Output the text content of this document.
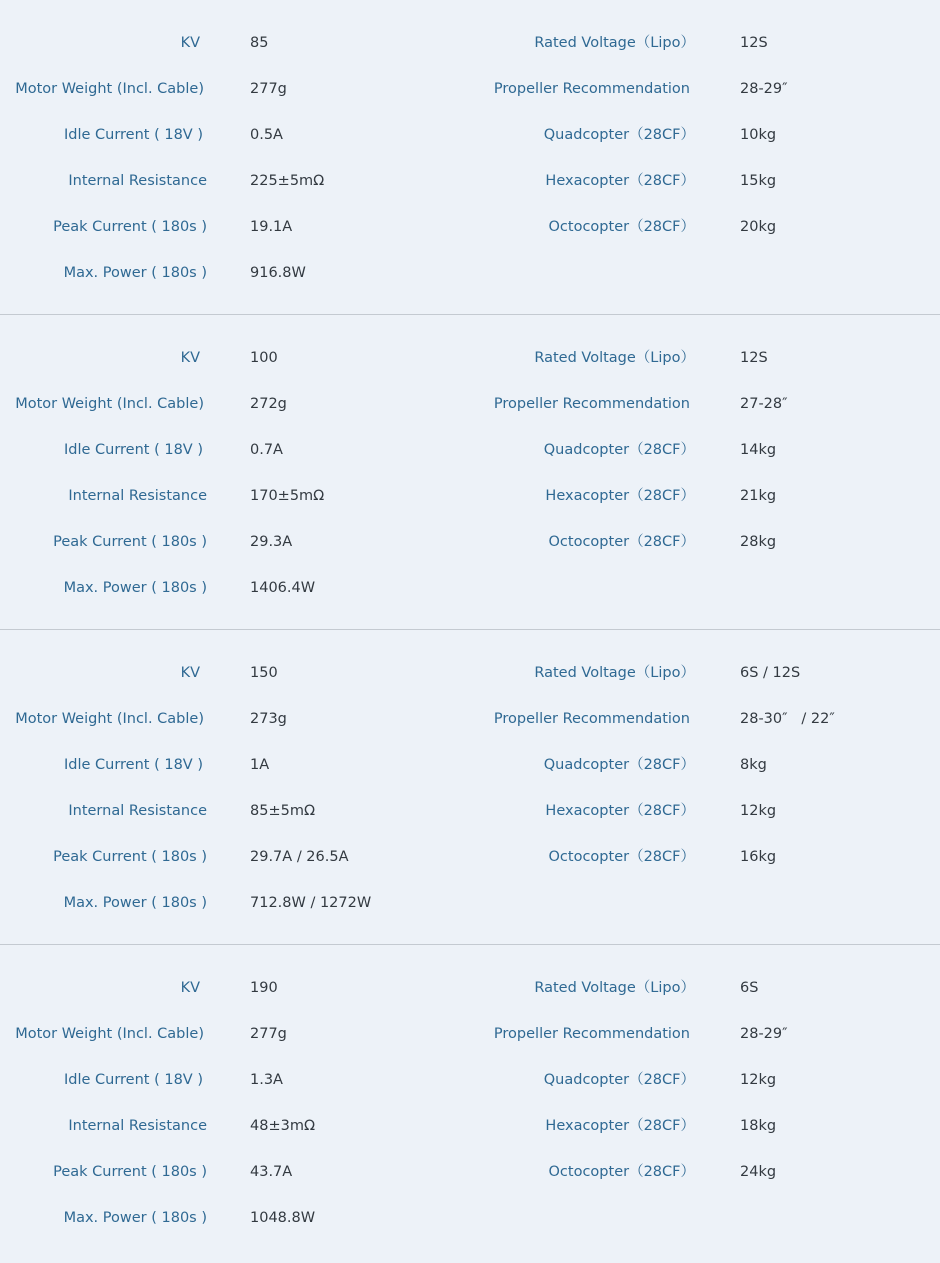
KV	85	Rated Voltage（Lipo）	12S
Motor Weight (Incl. Cable)	277g	Propeller Recommendation	28-29″
Idle Current ( 18V )	0.5A	Quadcopter（28CF）	10kg
Internal Resistance	225±5mΩ	Hexacopter（28CF）	15kg
Peak Current ( 180s )	19.1A	Octocopter（28CF）	20kg
Max. Power ( 180s )	916.8W
KV	100	Rated Voltage（Lipo）	12S
Motor Weight (Incl. Cable)	272g	Propeller Recommendation	27-28″
Idle Current ( 18V )	0.7A	Quadcopter（28CF）	14kg
Internal Resistance	170±5mΩ	Hexacopter（28CF）	21kg
Peak Current ( 180s )	29.3A	Octocopter（28CF）	28kg
Max. Power ( 180s )	1406.4W
KV	150	Rated Voltage（Lipo）	6S / 12S
Motor Weight (Incl. Cable)	273g	Propeller Recommendation	28-30″   / 22″
Idle Current ( 18V )	1A	Quadcopter（28CF）	8kg
Internal Resistance	85±5mΩ	Hexacopter（28CF）	12kg
Peak Current ( 180s )	29.7A / 26.5A	Octocopter（28CF）	16kg
Max. Power ( 180s )	712.8W / 1272W
KV	190	Rated Voltage（Lipo）	6S
Motor Weight (Incl. Cable)	277g	Propeller Recommendation	28-29″
Idle Current ( 18V )	1.3A	Quadcopter（28CF）	12kg
Internal Resistance	48±3mΩ	Hexacopter（28CF）	18kg
Peak Current ( 180s )	43.7A	Octocopter（28CF）	24kg
Max. Power ( 180s )	1048.8W
